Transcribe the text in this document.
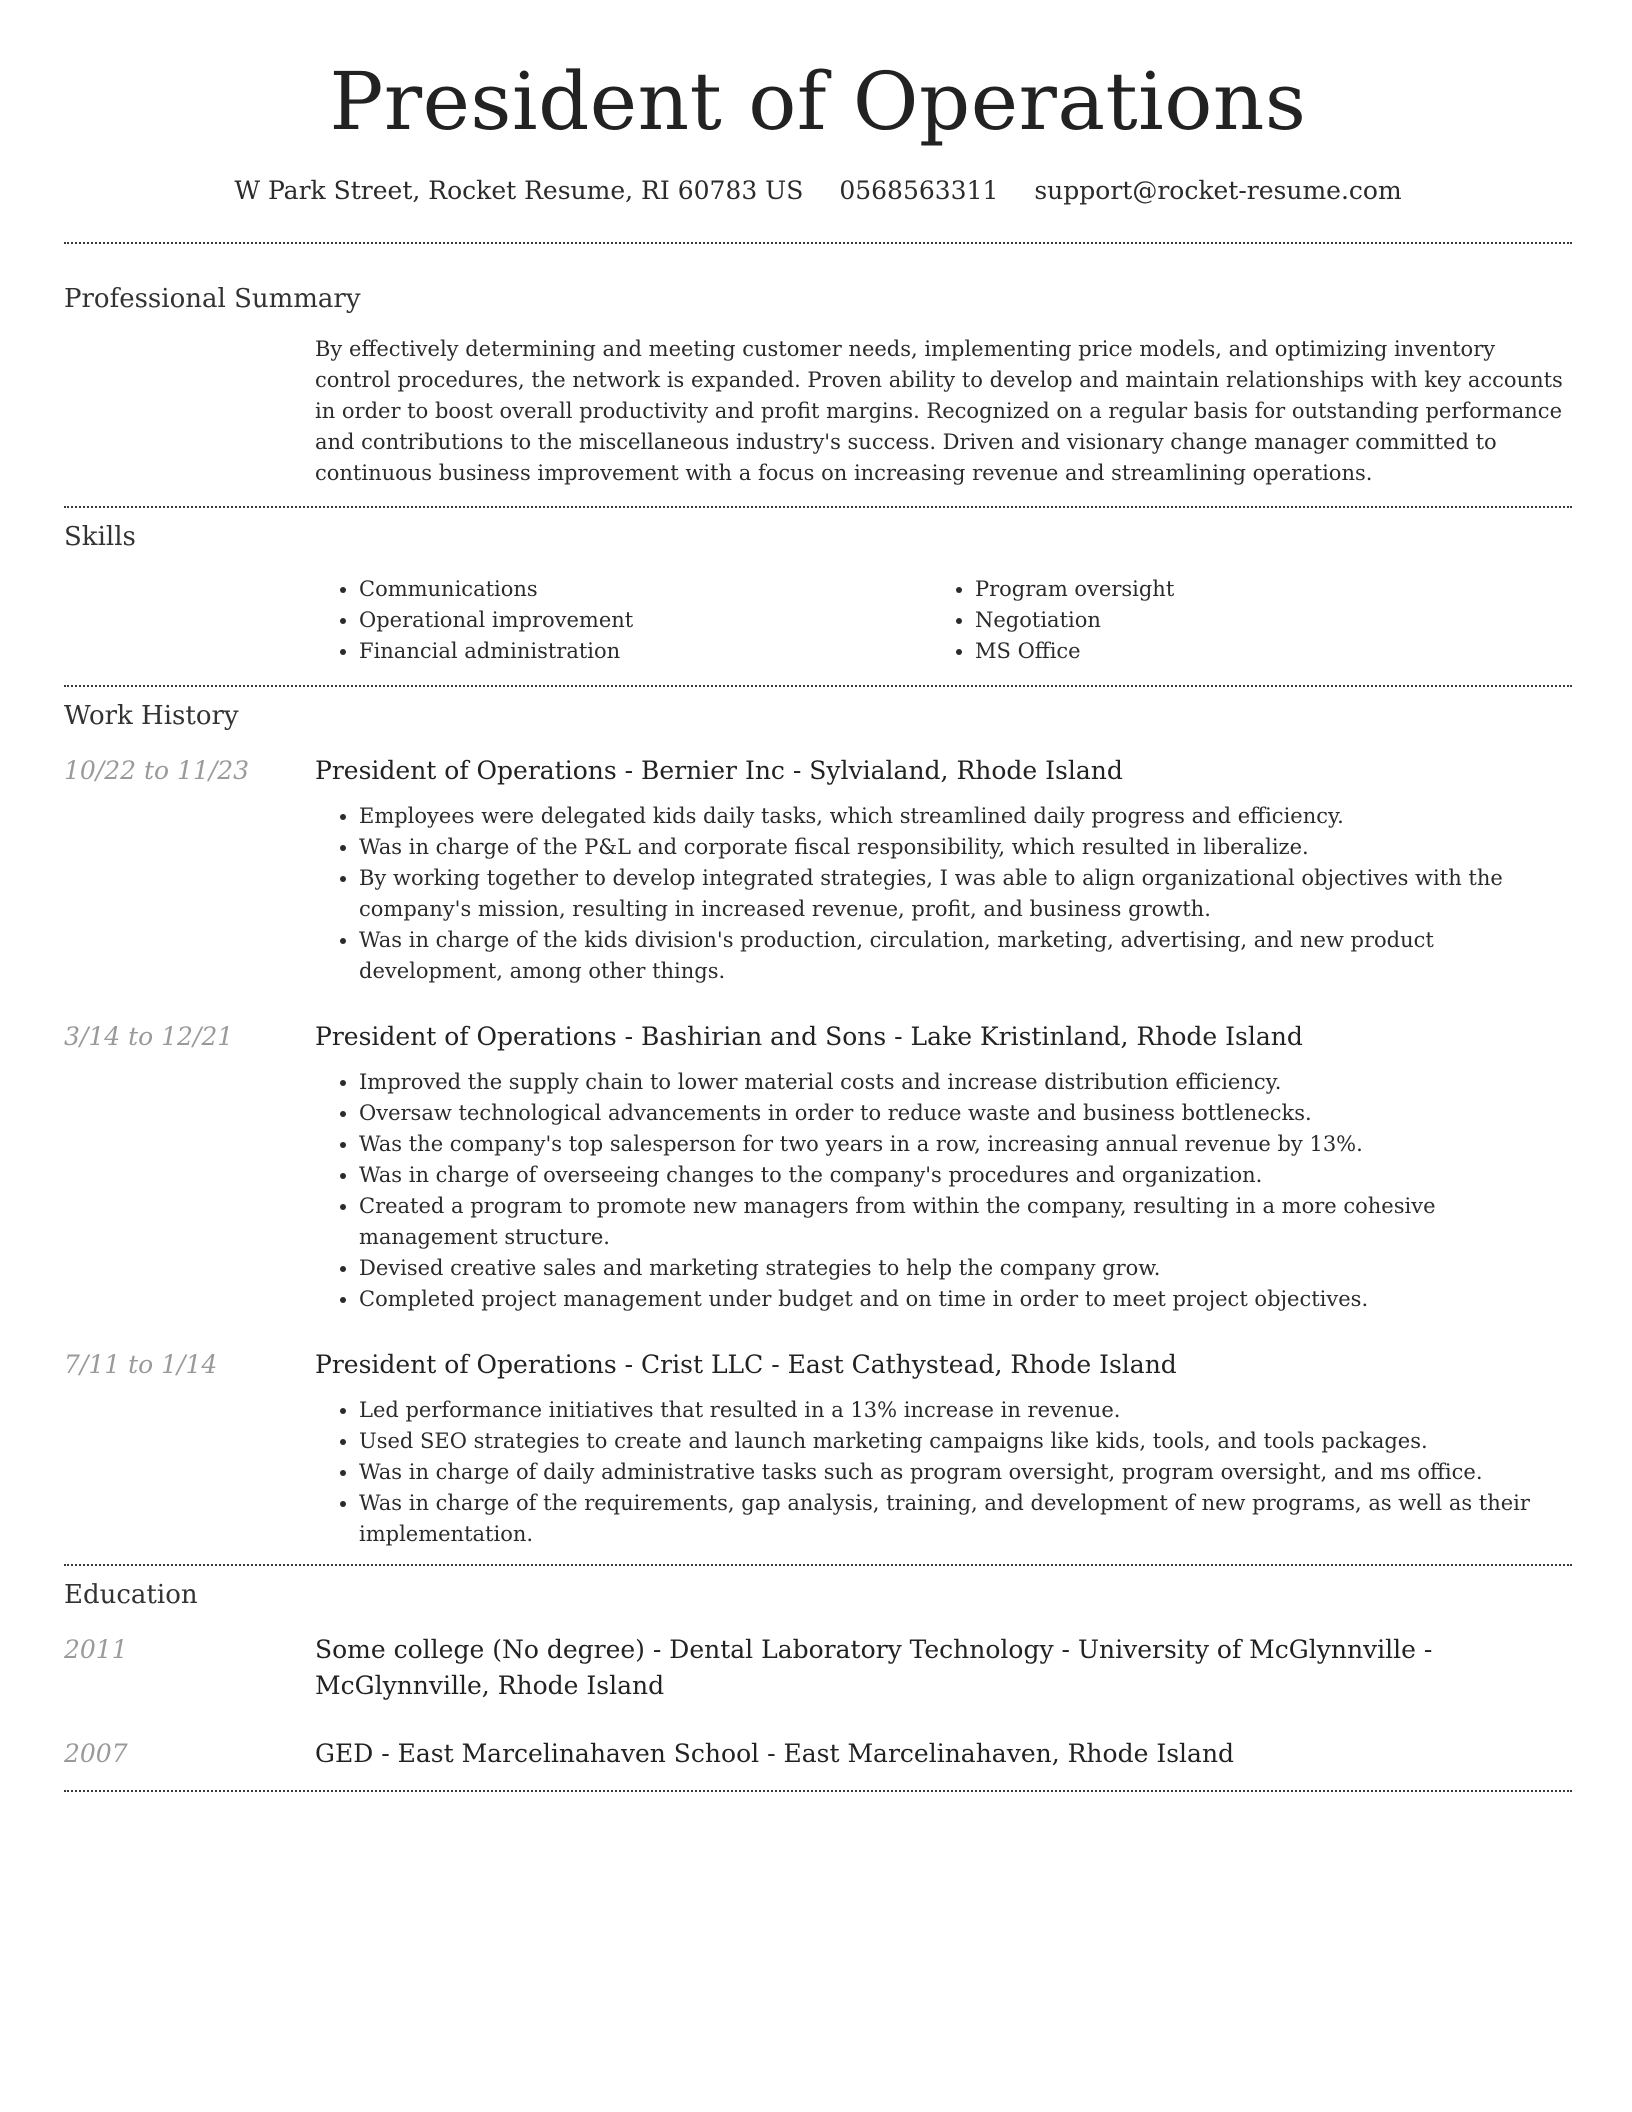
President of Operations
W Park Street, Rocket Resume, RI 60783 US 0568563311 support@rocket-resume.com
Professional Summary
By effectively determining and meeting customer needs, implementing price models, and optimizing inventory control procedures, the network is expanded. Proven ability to develop and maintain relationships with key accounts in order to boost overall productivity and profit margins. Recognized on a regular basis for outstanding performance and contributions to the miscellaneous industry's success. Driven and visionary change manager committed to continuous business improvement with a focus on increasing revenue and streamlining operations.
Skills
• Communications
• Operational improvement
• Financial administration
• Program oversight
• Negotiation
• MS Office
Work History
10/22 to 11/23	President of Operations - Bernier Inc - Sylvialand, Rhode Island
• Employees were delegated kids daily tasks, which streamlined daily progress and efficiency.
• Was in charge of the P&L and corporate fiscal responsibility, which resulted in liberalize.
• By working together to develop integrated strategies, I was able to align organizational objectives with the company's mission, resulting in increased revenue, profit, and business growth.
• Was in charge of the kids division's production, circulation, marketing, advertising, and new product development, among other things.
3/14 to 12/21	President of Operations - Bashirian and Sons - Lake Kristinland, Rhode Island
• Improved the supply chain to lower material costs and increase distribution efficiency.
• Oversaw technological advancements in order to reduce waste and business bottlenecks.
• Was the company's top salesperson for two years in a row, increasing annual revenue by 13%.
• Was in charge of overseeing changes to the company's procedures and organization.
• Created a program to promote new managers from within the company, resulting in a more cohesive management structure.
• Devised creative sales and marketing strategies to help the company grow.
• Completed project management under budget and on time in order to meet project objectives.
7/11 to 1/14	President of Operations - Crist LLC - East Cathystead, Rhode Island
• Led performance initiatives that resulted in a 13% increase in revenue.
• Used SEO strategies to create and launch marketing campaigns like kids, tools, and tools packages.
• Was in charge of daily administrative tasks such as program oversight, program oversight, and ms office.
• Was in charge of the requirements, gap analysis, training, and development of new programs, as well as their implementation.
Education
2011	Some college (No degree) - Dental Laboratory Technology - University of McGlynnville - McGlynnville, Rhode Island
2007	GED - East Marcelinahaven School - East Marcelinahaven, Rhode Island
